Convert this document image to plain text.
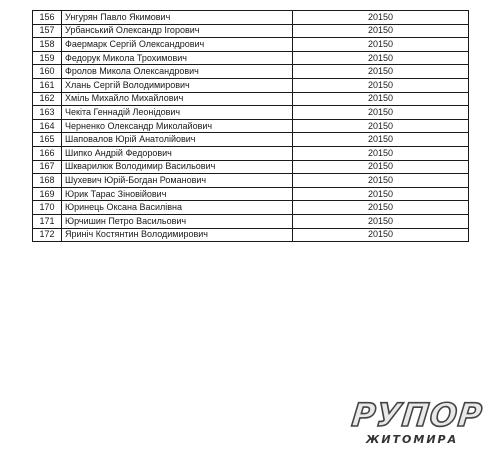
156	Унгурян Павло Якимович	20150
157	Урбанський Олександр Ігорович	20150
158	Фаермарк Сергій Олександрович	20150
159	Федорук Микола Трохимович	20150
160	Фролов Микола Олександрович	20150
161	Хлань Сергій Володимирович	20150
162	Хміль Михайло Михайлович	20150
163	Чекіта Геннадій Леонідович	20150
164	Черненко Олександр Миколайович	20150
165	Шаповалов Юрій Анатолійович	20150
166	Шипко Андрій Федорович	20150
167	Шкварилюк Володимир Васильович	20150
168	Шухевич Юрій-Богдан Романович	20150
169	Юрик Тарас Зіновійович	20150
170	Юринець Оксана Василівна	20150
171	Юрчишин Петро Васильович	20150
172	Яриніч Костянтин Володимирович	20150
РУПОР
ЖИТОМИРА
